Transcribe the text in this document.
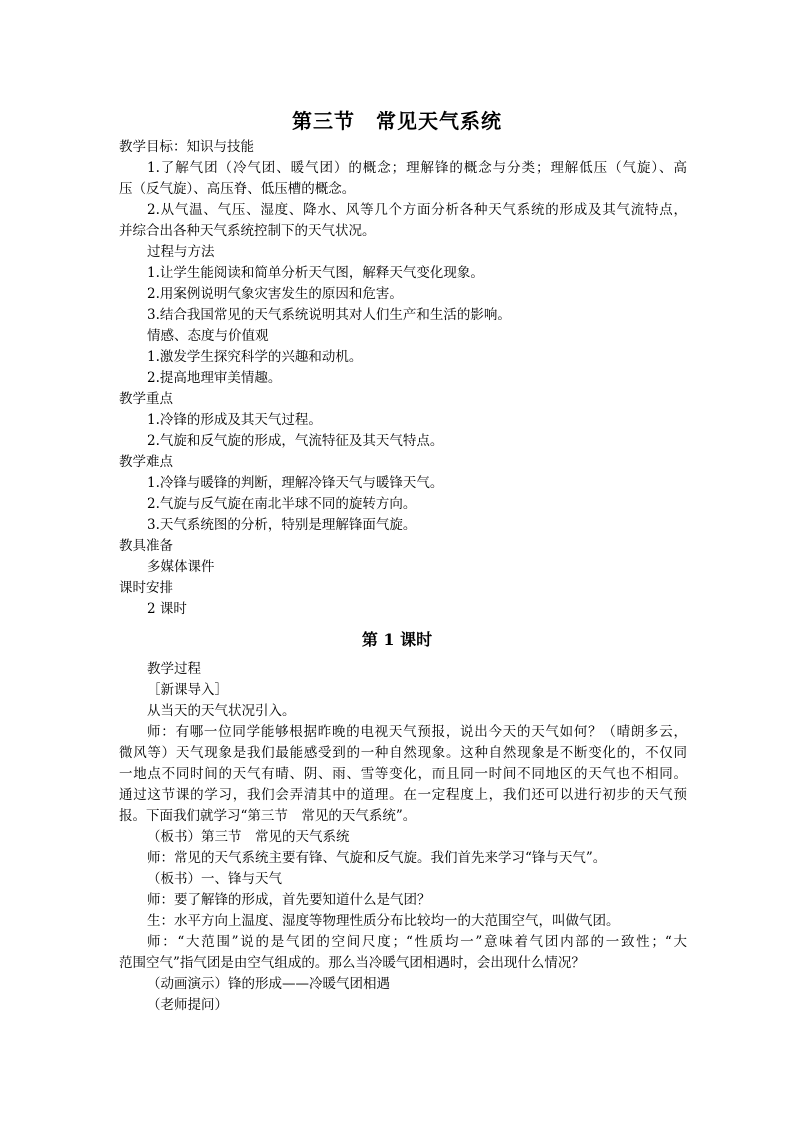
第三节　常见天气系统
教学目标：知识与技能
1.了解气团（冷气团、暖气团）的概念；理解锋的概念与分类；理解低压（气旋）、高
压（反气旋）、高压脊、低压槽的概念。
2.从气温、气压、湿度、降水、风等几个方面分析各种天气系统的形成及其气流特点，
并综合出各种天气系统控制下的天气状况。
过程与方法
1.让学生能阅读和简单分析天气图，解释天气变化现象。
2.用案例说明气象灾害发生的原因和危害。
3.结合我国常见的天气系统说明其对人们生产和生活的影响。
情感、态度与价值观
1.激发学生探究科学的兴趣和动机。
2.提高地理审美情趣。
教学重点
1.冷锋的形成及其天气过程。
2.气旋和反气旋的形成，气流特征及其天气特点。
教学难点
1.冷锋与暖锋的判断，理解冷锋天气与暖锋天气。
2.气旋与反气旋在南北半球不同的旋转方向。
3.天气系统图的分析，特别是理解锋面气旋。
教具准备
多媒体课件
课时安排
2 课时
第 1 课时
教学过程
［新课导入］
从当天的天气状况引入。
师：有哪一位同学能够根据昨晚的电视天气预报，说出今天的天气如何？（晴朗多云，
微风等）天气现象是我们最能感受到的一种自然现象。这种自然现象是不断变化的，不仅同
一地点不同时间的天气有晴、阴、雨、雪等变化，而且同一时间不同地区的天气也不相同。
通过这节课的学习，我们会弄清其中的道理。在一定程度上，我们还可以进行初步的天气预
报。下面我们就学习“第三节　常见的天气系统”。
（板书）第三节　常见的天气系统
师：常见的天气系统主要有锋、气旋和反气旋。我们首先来学习“锋与天气”。
（板书）一、锋与天气
师：要了解锋的形成，首先要知道什么是气团？
生：水平方向上温度、湿度等物理性质分布比较均一的大范围空气，叫做气团。
师：“大范围”说的是气团的空间尺度；“性质均一”意味着气团内部的一致性；“大
范围空气”指气团是由空气组成的。那么当冷暖气团相遇时，会出现什么情况？
（动画演示）锋的形成——冷暖气团相遇
（老师提问）
